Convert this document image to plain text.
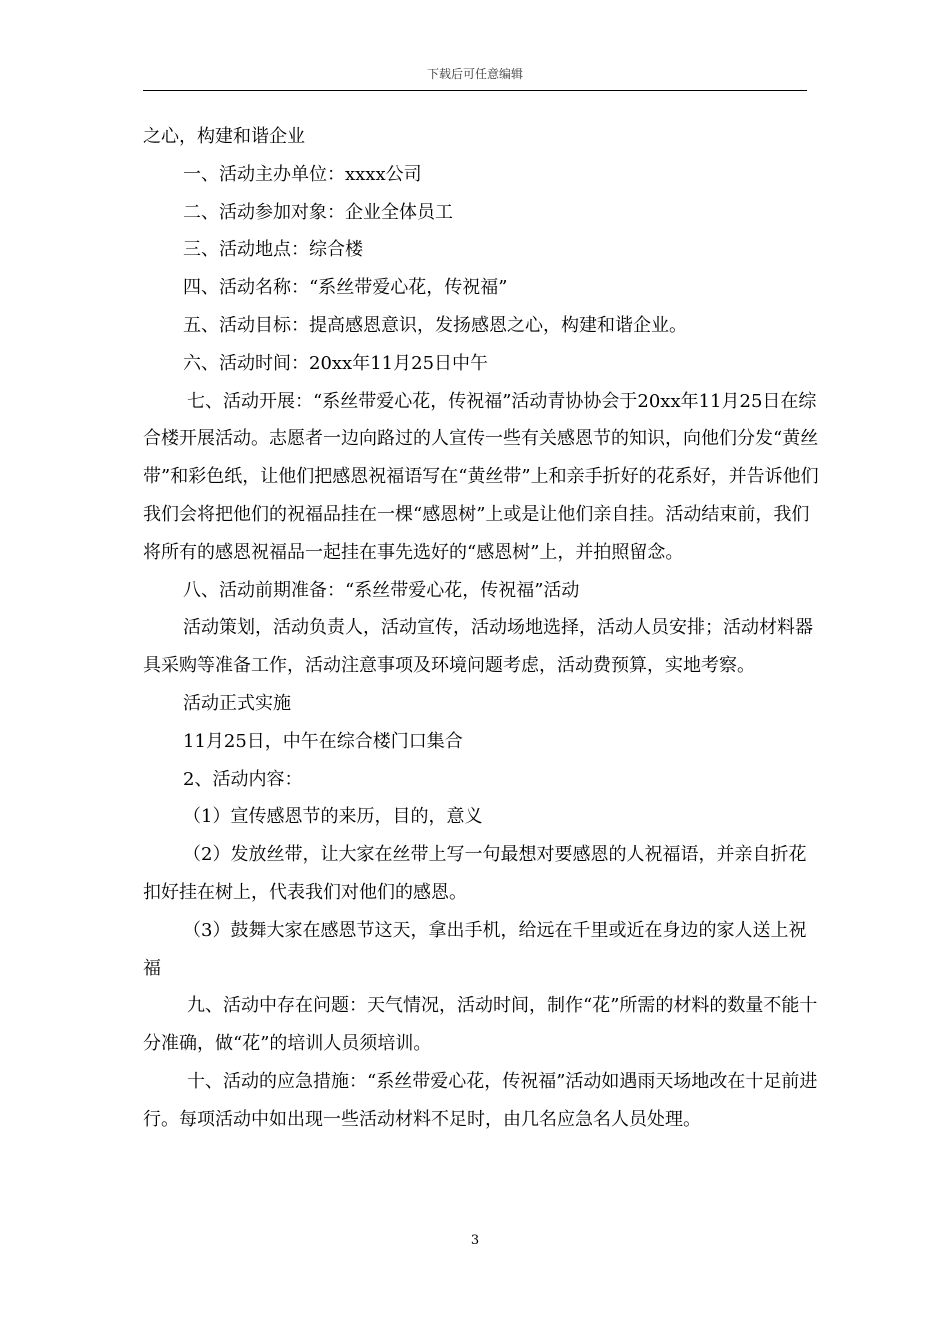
下载后可任意编辑

之心，构建和谐企业

一、活动主办单位：xxxx公司

二、活动参加对象：企业全体员工

三、活动地点：综合楼

四、活动名称：“系丝带爱心花，传祝福”

五、活动目标：提高感恩意识，发扬感恩之心，构建和谐企业。

六、活动时间：20xx年11月25日中午

七、活动开展：“系丝带爱心花，传祝福”活动青协协会于20xx年11月25日在综合楼开展活动。志愿者一边向路过的人宣传一些有关感恩节的知识，向他们分发“黄丝带”和彩色纸，让他们把感恩祝福语写在“黄丝带”上和亲手折好的花系好，并告诉他们我们会将把他们的祝福品挂在一棵“感恩树”上或是让他们亲自挂。活动结束前，我们将所有的感恩祝福品一起挂在事先选好的“感恩树”上，并拍照留念。

八、活动前期准备：“系丝带爱心花，传祝福”活动

活动策划，活动负责人，活动宣传，活动场地选择，活动人员安排；活动材料器具采购等准备工作，活动注意事项及环境问题考虑，活动费预算，实地考察。

活动正式实施

11月25日，中午在综合楼门口集合

2、活动内容：

（1）宣传感恩节的来历，目的，意义

（2）发放丝带，让大家在丝带上写一句最想对要感恩的人祝福语，并亲自折花扣好挂在树上，代表我们对他们的感恩。

（3）鼓舞大家在感恩节这天，拿出手机，给远在千里或近在身边的家人送上祝福

九、活动中存在问题：天气情况，活动时间，制作“花”所需的材料的数量不能十分准确，做“花”的培训人员须培训。

十、活动的应急措施：“系丝带爱心花，传祝福”活动如遇雨天场地改在十足前进行。每项活动中如出现一些活动材料不足时，由几名应急名人员处理。

3
